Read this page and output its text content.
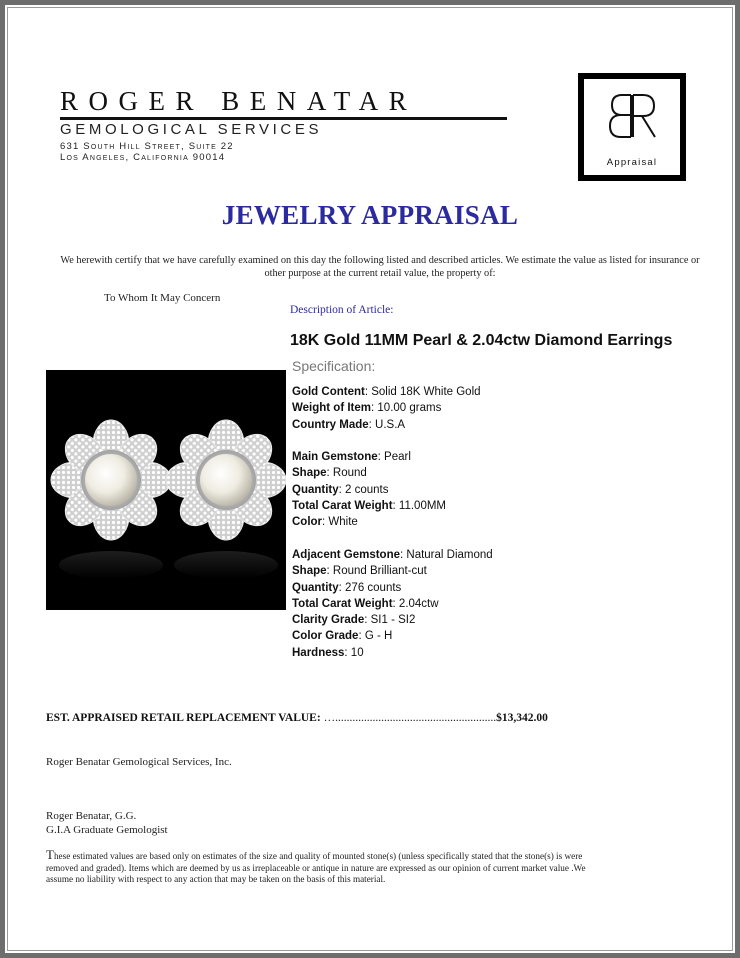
ROGER BENATAR
GEMOLOGICAL SERVICES
631 South Hill Street, Suite 22
Los Angeles, California 90014	Appraisal
JEWELRY APPRAISAL
We herewith certify that we have carefully examined on this day the following listed and described articles. We estimate the value as listed for insurance or other purpose at the current retail value, the property of:
To Whom It May Concern
Description of Article:
18K Gold 11MM Pearl & 2.04ctw Diamond Earrings
Specification:
Gold Content: Solid 18K White Gold
Weight of Item: 10.00 grams
Country Made: U.S.A
Main Gemstone: Pearl
Shape: Round
Quantity: 2 counts
Total Carat Weight: 11.00MM
Color: White
Adjacent Gemstone: Natural Diamond
Shape: Round Brilliant-cut
Quantity: 276 counts
Total Carat Weight: 2.04ctw
Clarity Grade: SI1 - SI2
Color Grade: G - H
Hardness: 10
EST. APPRAISED RETAIL REPLACEMENT VALUE: …........................................................$13,342.00
Roger Benatar Gemological Services, Inc.
Roger Benatar, G.G.
G.I.A Graduate Gemologist
These estimated values are based only on estimates of the size and quality of mounted stone(s) (unless specifically stated that the stone(s) is were removed and graded). Items which are deemed by us as irreplaceable or antique in nature are expressed as our opinion of current market value .We assume no liability with respect to any action that may be taken on the basis of this material.
